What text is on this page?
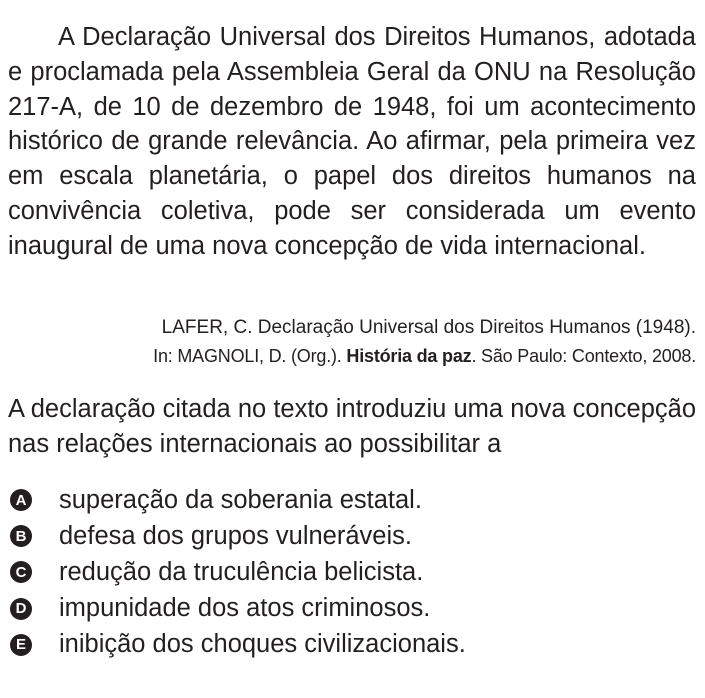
A Declaração Universal dos Direitos Humanos, adotada e proclamada pela Assembleia Geral da ONU na Resolução 217-A, de 10 de dezembro de 1948, foi um acontecimento histórico de grande relevância. Ao afirmar, pela primeira vez em escala planetária, o papel dos direitos humanos na convivência coletiva, pode ser considerada um evento inaugural de uma nova concepção de vida internacional.

LAFER, C. Declaração Universal dos Direitos Humanos (1948).
In: MAGNOLI, D. (Org.). História da paz. São Paulo: Contexto, 2008.

A declaração citada no texto introduziu uma nova concepção nas relações internacionais ao possibilitar a

A superação da soberania estatal.
B defesa dos grupos vulneráveis.
C redução da truculência belicista.
D impunidade dos atos criminosos.
E inibição dos choques civilizacionais.
